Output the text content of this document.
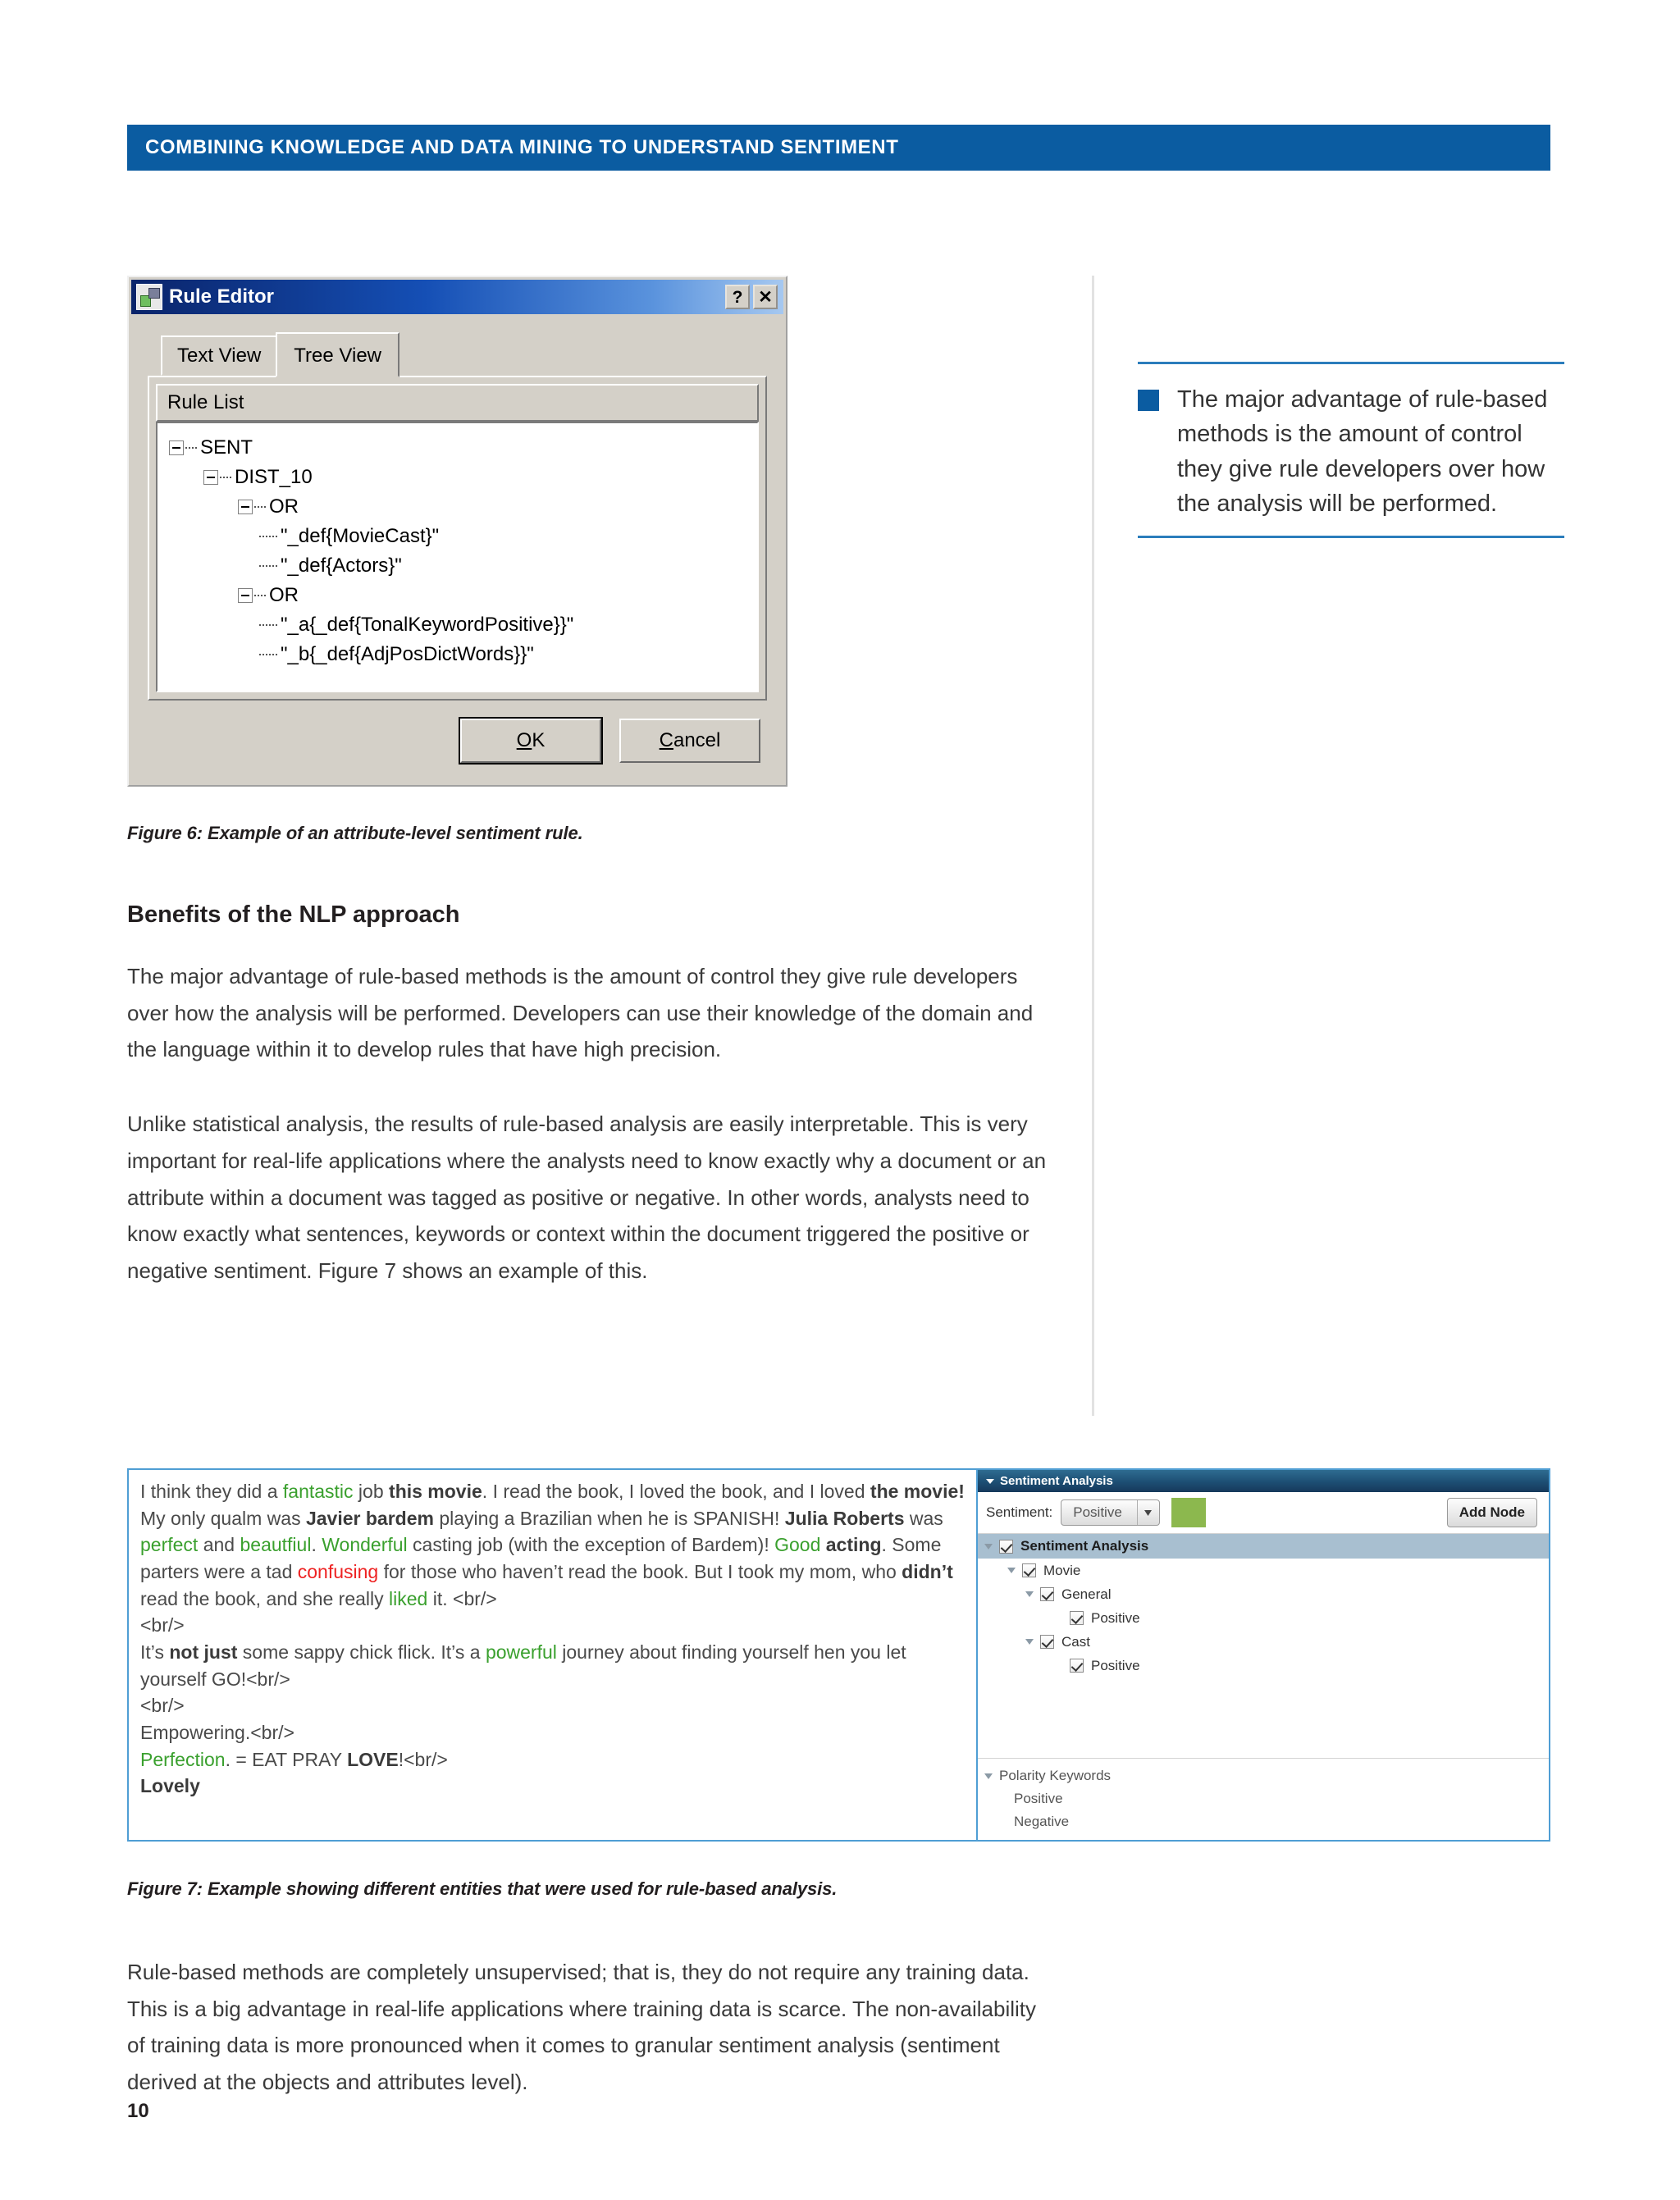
COMBINING KNOWLEDGE AND DATA MINING TO UNDERSTAND SENTIMENT
The major advantage of rule-based methods is the amount of control they give rule developers over how the analysis will be performed.
Rule Editor	? ✕
Text View	Tree View
Rule List
SENT
DIST_10
OR
"_def{MovieCast}"
"_def{Actors}"
OR
"_a{_def{TonalKeywordPositive}}"
"_b{_def{AdjPosDictWords}}"
OK	Cancel
Figure 6: Example of an attribute-level sentiment rule.
Benefits of the NLP approach
The major advantage of rule-based methods is the amount of control they give rule developers over how the analysis will be performed. Developers can use their knowledge of the domain and the language within it to develop rules that have high precision.
Unlike statistical analysis, the results of rule-based analysis are easily interpretable. This is very important for real-life applications where the analysts need to know exactly why a document or an attribute within a document was tagged as positive or negative. In other words, analysts need to know exactly what sentences, keywords or context within the document triggered the positive or negative sentiment. Figure 7 shows an example of this.
I think they did a fantastic job this movie. I read the book, I loved the book, and I loved the movie!
My only qualm was Javier bardem playing a Brazilian when he is SPANISH! Julia Roberts was perfect and beautfiul. Wonderful casting job (with the exception of Bardem)! Good acting. Some parters were a tad confusing for those who haven’t read the book. But I took my mom, who didn’t read the book, and she really liked it. <br/>
<br/>
It’s not just some sappy chick flick. It’s a powerful journey about finding yourself hen you let yourself GO!<br/>
<br/>
Empowering.<br/>
Perfection. = EAT PRAY LOVE!<br/>
Lovely
Sentiment Analysis
Sentiment:	Positive	Add Node
Sentiment Analysis
Movie
General
Positive
Cast
Positive
Polarity Keywords
Positive
Negative
Figure 7: Example showing different entities that were used for rule-based analysis.
Rule-based methods are completely unsupervised; that is, they do not require any training data. This is a big advantage in real-life applications where training data is scarce. The non-availability of training data is more pronounced when it comes to granular sentiment analysis (sentiment derived at the objects and attributes level).
10
